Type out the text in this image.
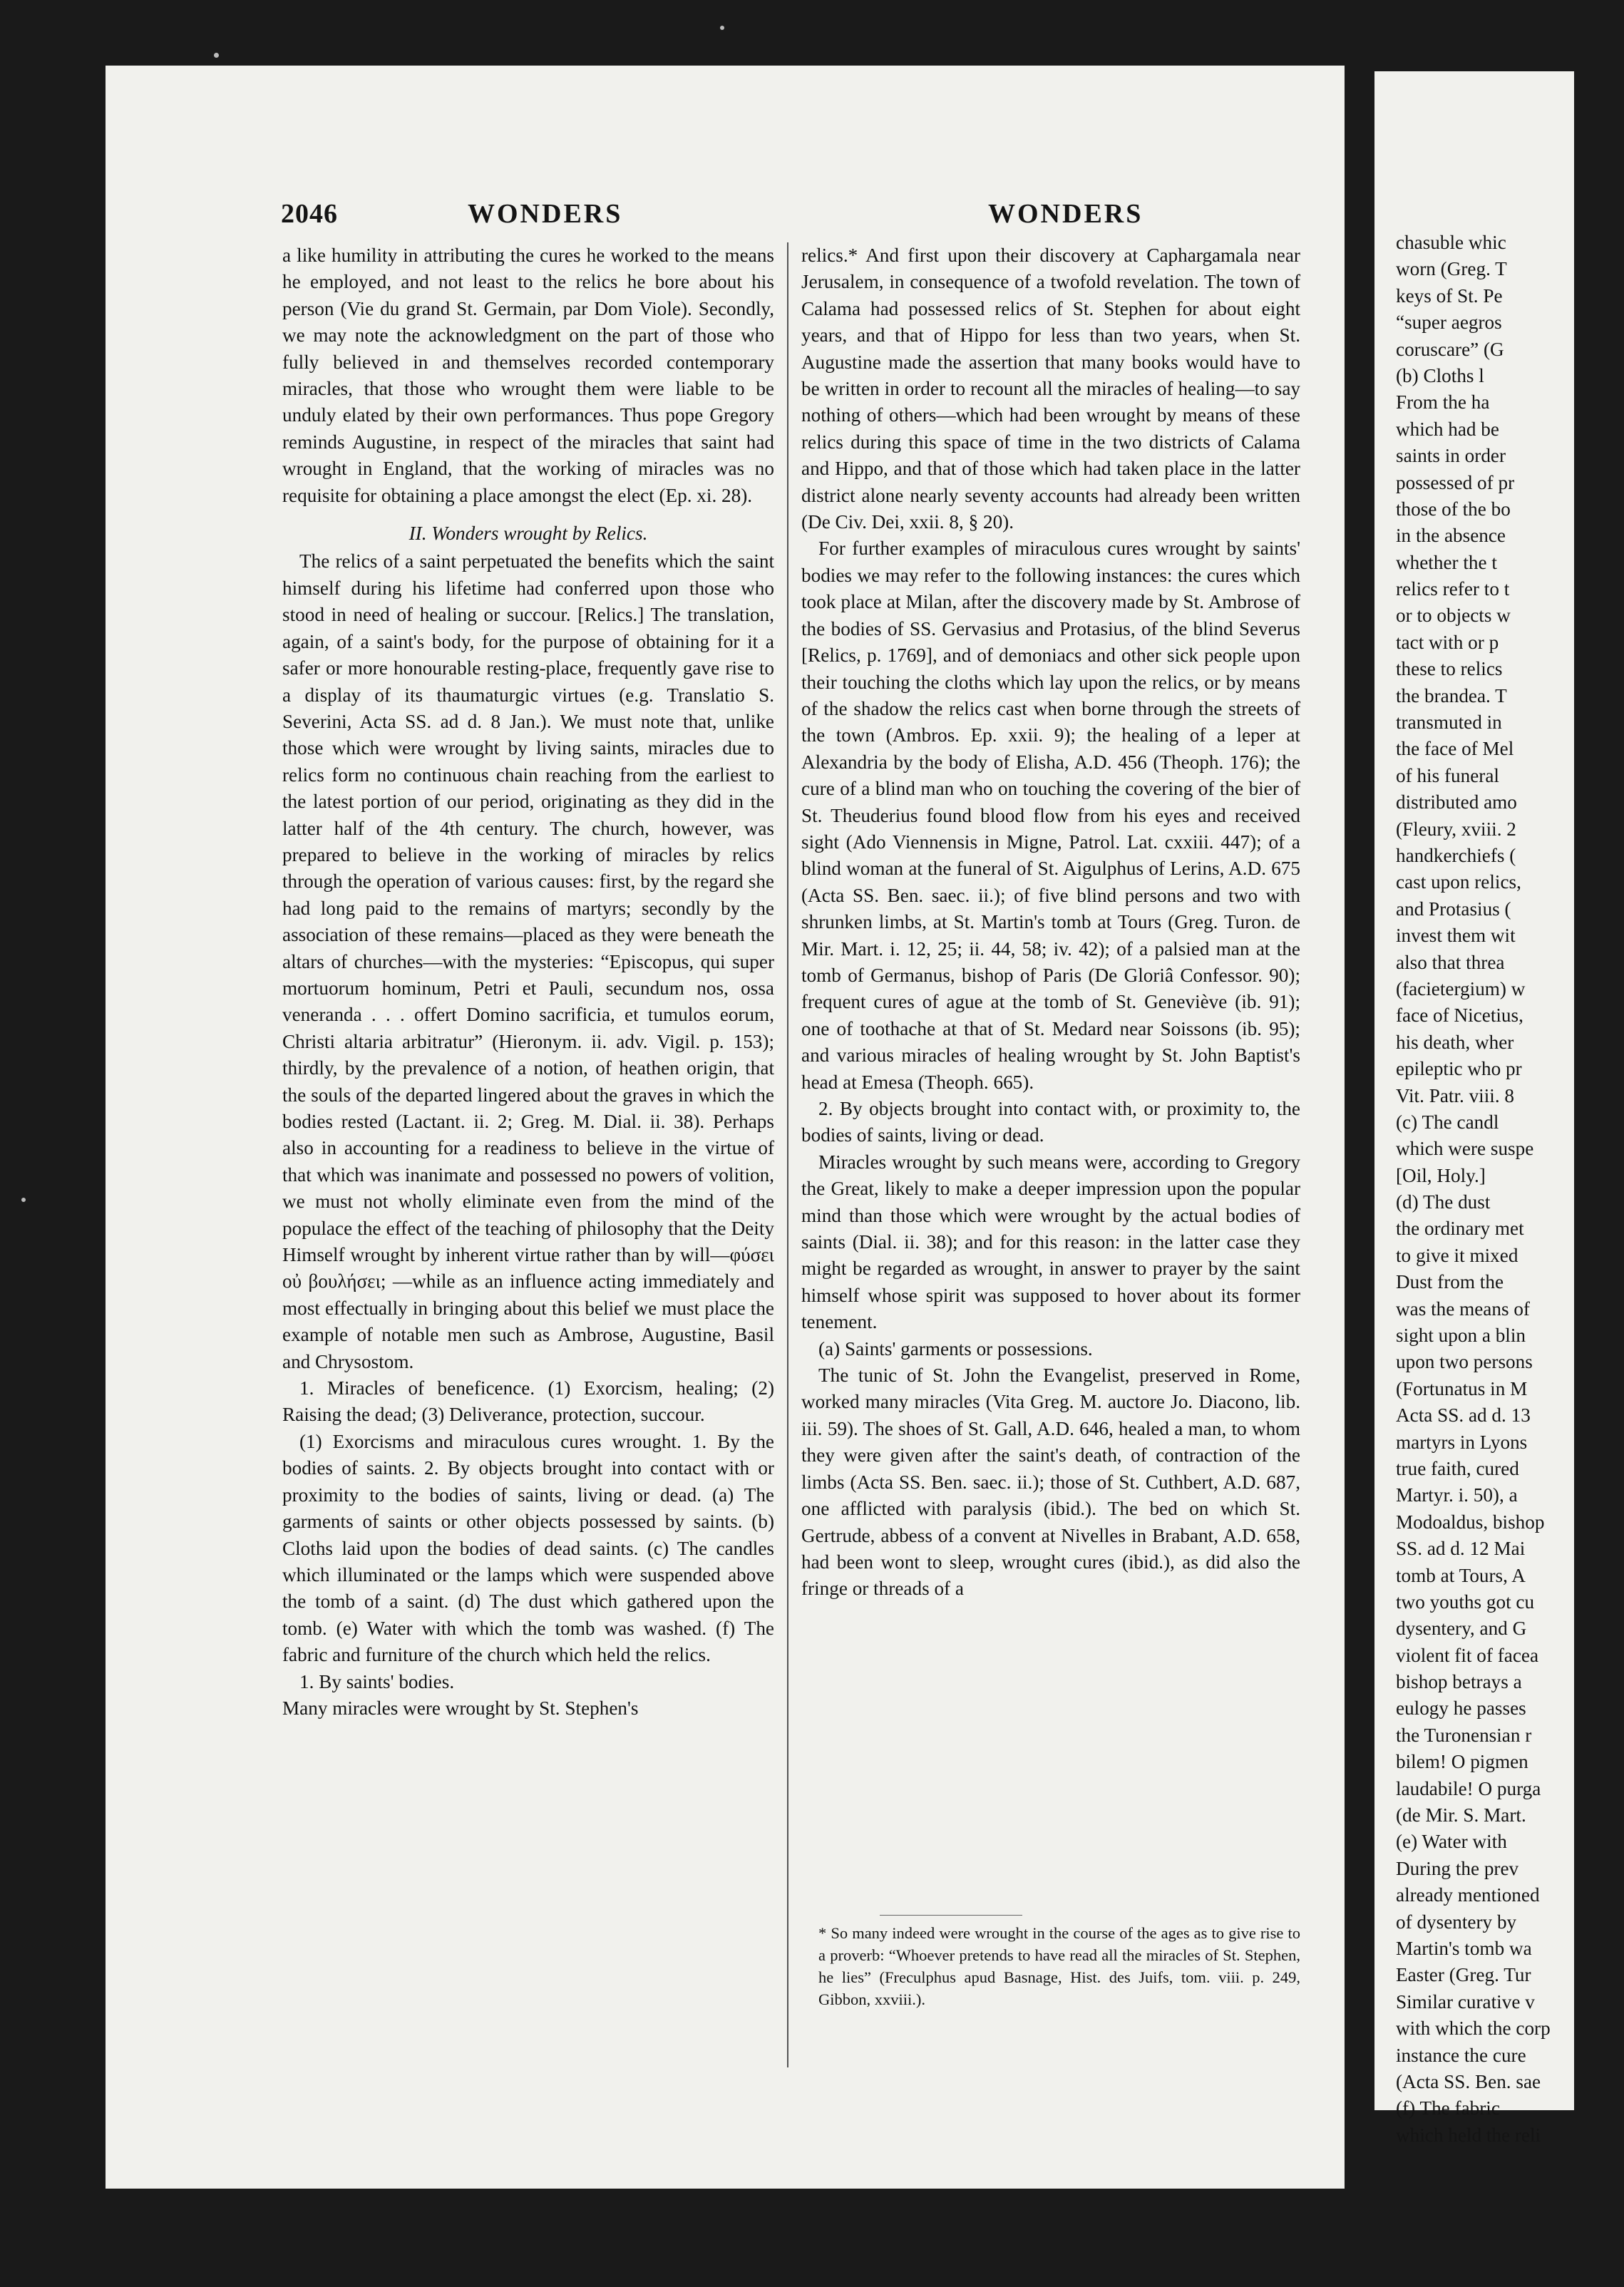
2046	WONDERS	WONDERS

a like humility in attributing the cures he worked to the means he employed, and not least to the relics he bore about his person (Vie du grand St. Germain, par Dom Viole). Secondly, we may note the acknowledgment on the part of those who fully believed in and themselves recorded contemporary miracles, that those who wrought them were liable to be unduly elated by their own performances. Thus pope Gregory reminds Augustine, in respect of the miracles that saint had wrought in England, that the working of miracles was no requisite for obtaining a place amongst the elect (Ep. xi. 28).

II. Wonders wrought by Relics.

The relics of a saint perpetuated the benefits which the saint himself during his lifetime had conferred upon those who stood in need of healing or succour. [Relics.] The translation, again, of a saint's body, for the purpose of obtaining for it a safer or more honourable resting-place, frequently gave rise to a display of its thaumaturgic virtues (e.g. Translatio S. Severini, Acta SS. ad d. 8 Jan.). We must note that, unlike those which were wrought by living saints, miracles due to relics form no continuous chain reaching from the earliest to the latest portion of our period, originating as they did in the latter half of the 4th century. The church, however, was prepared to believe in the working of miracles by relics through the operation of various causes: first, by the regard she had long paid to the remains of martyrs; secondly by the association of these remains—placed as they were beneath the altars of churches—with the mysteries: “Episcopus, qui super mortuorum hominum, Petri et Pauli, secundum nos, ossa veneranda . . . offert Domino sacrificia, et tumulos eorum, Christi altaria arbitratur” (Hieronym. ii. adv. Vigil. p. 153); thirdly, by the prevalence of a notion, of heathen origin, that the souls of the departed lingered about the graves in which the bodies rested (Lactant. ii. 2; Greg. M. Dial. ii. 38). Perhaps also in accounting for a readiness to believe in the virtue of that which was inanimate and possessed no powers of volition, we must not wholly eliminate even from the mind of the populace the effect of the teaching of philosophy that the Deity Himself wrought by inherent virtue rather than by will—φύσει οὐ βουλήσει; —while as an influence acting immediately and most effectually in bringing about this belief we must place the example of notable men such as Ambrose, Augustine, Basil and Chrysostom.

1. Miracles of beneficence. (1) Exorcism, healing; (2) Raising the dead; (3) Deliverance, protection, succour.

(1) Exorcisms and miraculous cures wrought. 1. By the bodies of saints. 2. By objects brought into contact with or proximity to the bodies of saints, living or dead. (a) The garments of saints or other objects possessed by saints. (b) Cloths laid upon the bodies of dead saints. (c) The candles which illuminated or the lamps which were suspended above the tomb of a saint. (d) The dust which gathered upon the tomb. (e) Water with which the tomb was washed. (f) The fabric and furniture of the church which held the relics.

1. By saints' bodies.

Many miracles were wrought by St. Stephen's

relics.* And first upon their discovery at Caphargamala near Jerusalem, in consequence of a twofold revelation. The town of Calama had possessed relics of St. Stephen for about eight years, and that of Hippo for less than two years, when St. Augustine made the assertion that many books would have to be written in order to recount all the miracles of healing—to say nothing of others—which had been wrought by means of these relics during this space of time in the two districts of Calama and Hippo, and that of those which had taken place in the latter district alone nearly seventy accounts had already been written (De Civ. Dei, xxii. 8, § 20).

For further examples of miraculous cures wrought by saints' bodies we may refer to the following instances: the cures which took place at Milan, after the discovery made by St. Ambrose of the bodies of SS. Gervasius and Protasius, of the blind Severus [Relics, p. 1769], and of demoniacs and other sick people upon their touching the cloths which lay upon the relics, or by means of the shadow the relics cast when borne through the streets of the town (Ambros. Ep. xxii. 9); the healing of a leper at Alexandria by the body of Elisha, A.D. 456 (Theoph. 176); the cure of a blind man who on touching the covering of the bier of St. Theuderius found blood flow from his eyes and received sight (Ado Viennensis in Migne, Patrol. Lat. cxxiii. 447); of a blind woman at the funeral of St. Aigulphus of Lerins, A.D. 675 (Acta SS. Ben. saec. ii.); of five blind persons and two with shrunken limbs, at St. Martin's tomb at Tours (Greg. Turon. de Mir. Mart. i. 12, 25; ii. 44, 58; iv. 42); of a palsied man at the tomb of Germanus, bishop of Paris (De Gloriâ Confessor. 90); frequent cures of ague at the tomb of St. Geneviève (ib. 91); one of toothache at that of St. Medard near Soissons (ib. 95); and various miracles of healing wrought by St. John Baptist's head at Emesa (Theoph. 665).

2. By objects brought into contact with, or proximity to, the bodies of saints, living or dead.

Miracles wrought by such means were, according to Gregory the Great, likely to make a deeper impression upon the popular mind than those which were wrought by the actual bodies of saints (Dial. ii. 38); and for this reason: in the latter case they might be regarded as wrought, in answer to prayer by the saint himself whose spirit was supposed to hover about its former tenement.

(a) Saints' garments or possessions.

The tunic of St. John the Evangelist, preserved in Rome, worked many miracles (Vita Greg. M. auctore Jo. Diacono, lib. iii. 59). The shoes of St. Gall, A.D. 646, healed a man, to whom they were given after the saint's death, of contraction of the limbs (Acta SS. Ben. saec. ii.); those of St. Cuthbert, A.D. 687, one afflicted with paralysis (ibid.). The bed on which St. Gertrude, abbess of a convent at Nivelles in Brabant, A.D. 658, had been wont to sleep, wrought cures (ibid.), as did also the fringe or threads of a

* So many indeed were wrought in the course of the ages as to give rise to a proverb: “Whoever pretends to have read all the miracles of St. Stephen, he lies” (Freculphus apud Basnage, Hist. des Juifs, tom. viii. p. 249, Gibbon, xxviii.).
chasuble whic
worn (Greg. T
keys of St. Pe
“super aegros
coruscare” (G
(b) Cloths l
From the ha
which had be
saints in order
possessed of pr
those of the bo
in the absence
whether the t
relics refer to t
or to objects w
tact with or p
these to relics
the brandea. T
transmuted in
the face of Mel
of his funeral
distributed amo
(Fleury, xviii. 2
handkerchiefs (
cast upon relics,
and Protasius (
invest them wit
also that threa
(facietergium) w
face of Nicetius,
his death, wher
epileptic who pr
Vit. Patr. viii. 8
(c) The candl
which were suspe
[Oil, Holy.]
(d) The dust
the ordinary met
to give it mixed
Dust from the
was the means of
sight upon a blin
upon two persons
(Fortunatus in M
Acta SS. ad d. 13
martyrs in Lyons
true faith, cured
Martyr. i. 50), a
Modoaldus, bishop
SS. ad d. 12 Mai
tomb at Tours, A
two youths got cu
dysentery, and G
violent fit of facea
bishop betrays a
eulogy he passes
the Turonensian r
bilem! O pigmen
laudabile! O purga
(de Mir. S. Mart.
(e) Water with
During the prev
already mentioned
of dysentery by
Martin's tomb wa
Easter (Greg. Tur
Similar curative v
with which the corp
instance the cure
(Acta SS. Ben. sae
(f) The fabric
which held the reli
